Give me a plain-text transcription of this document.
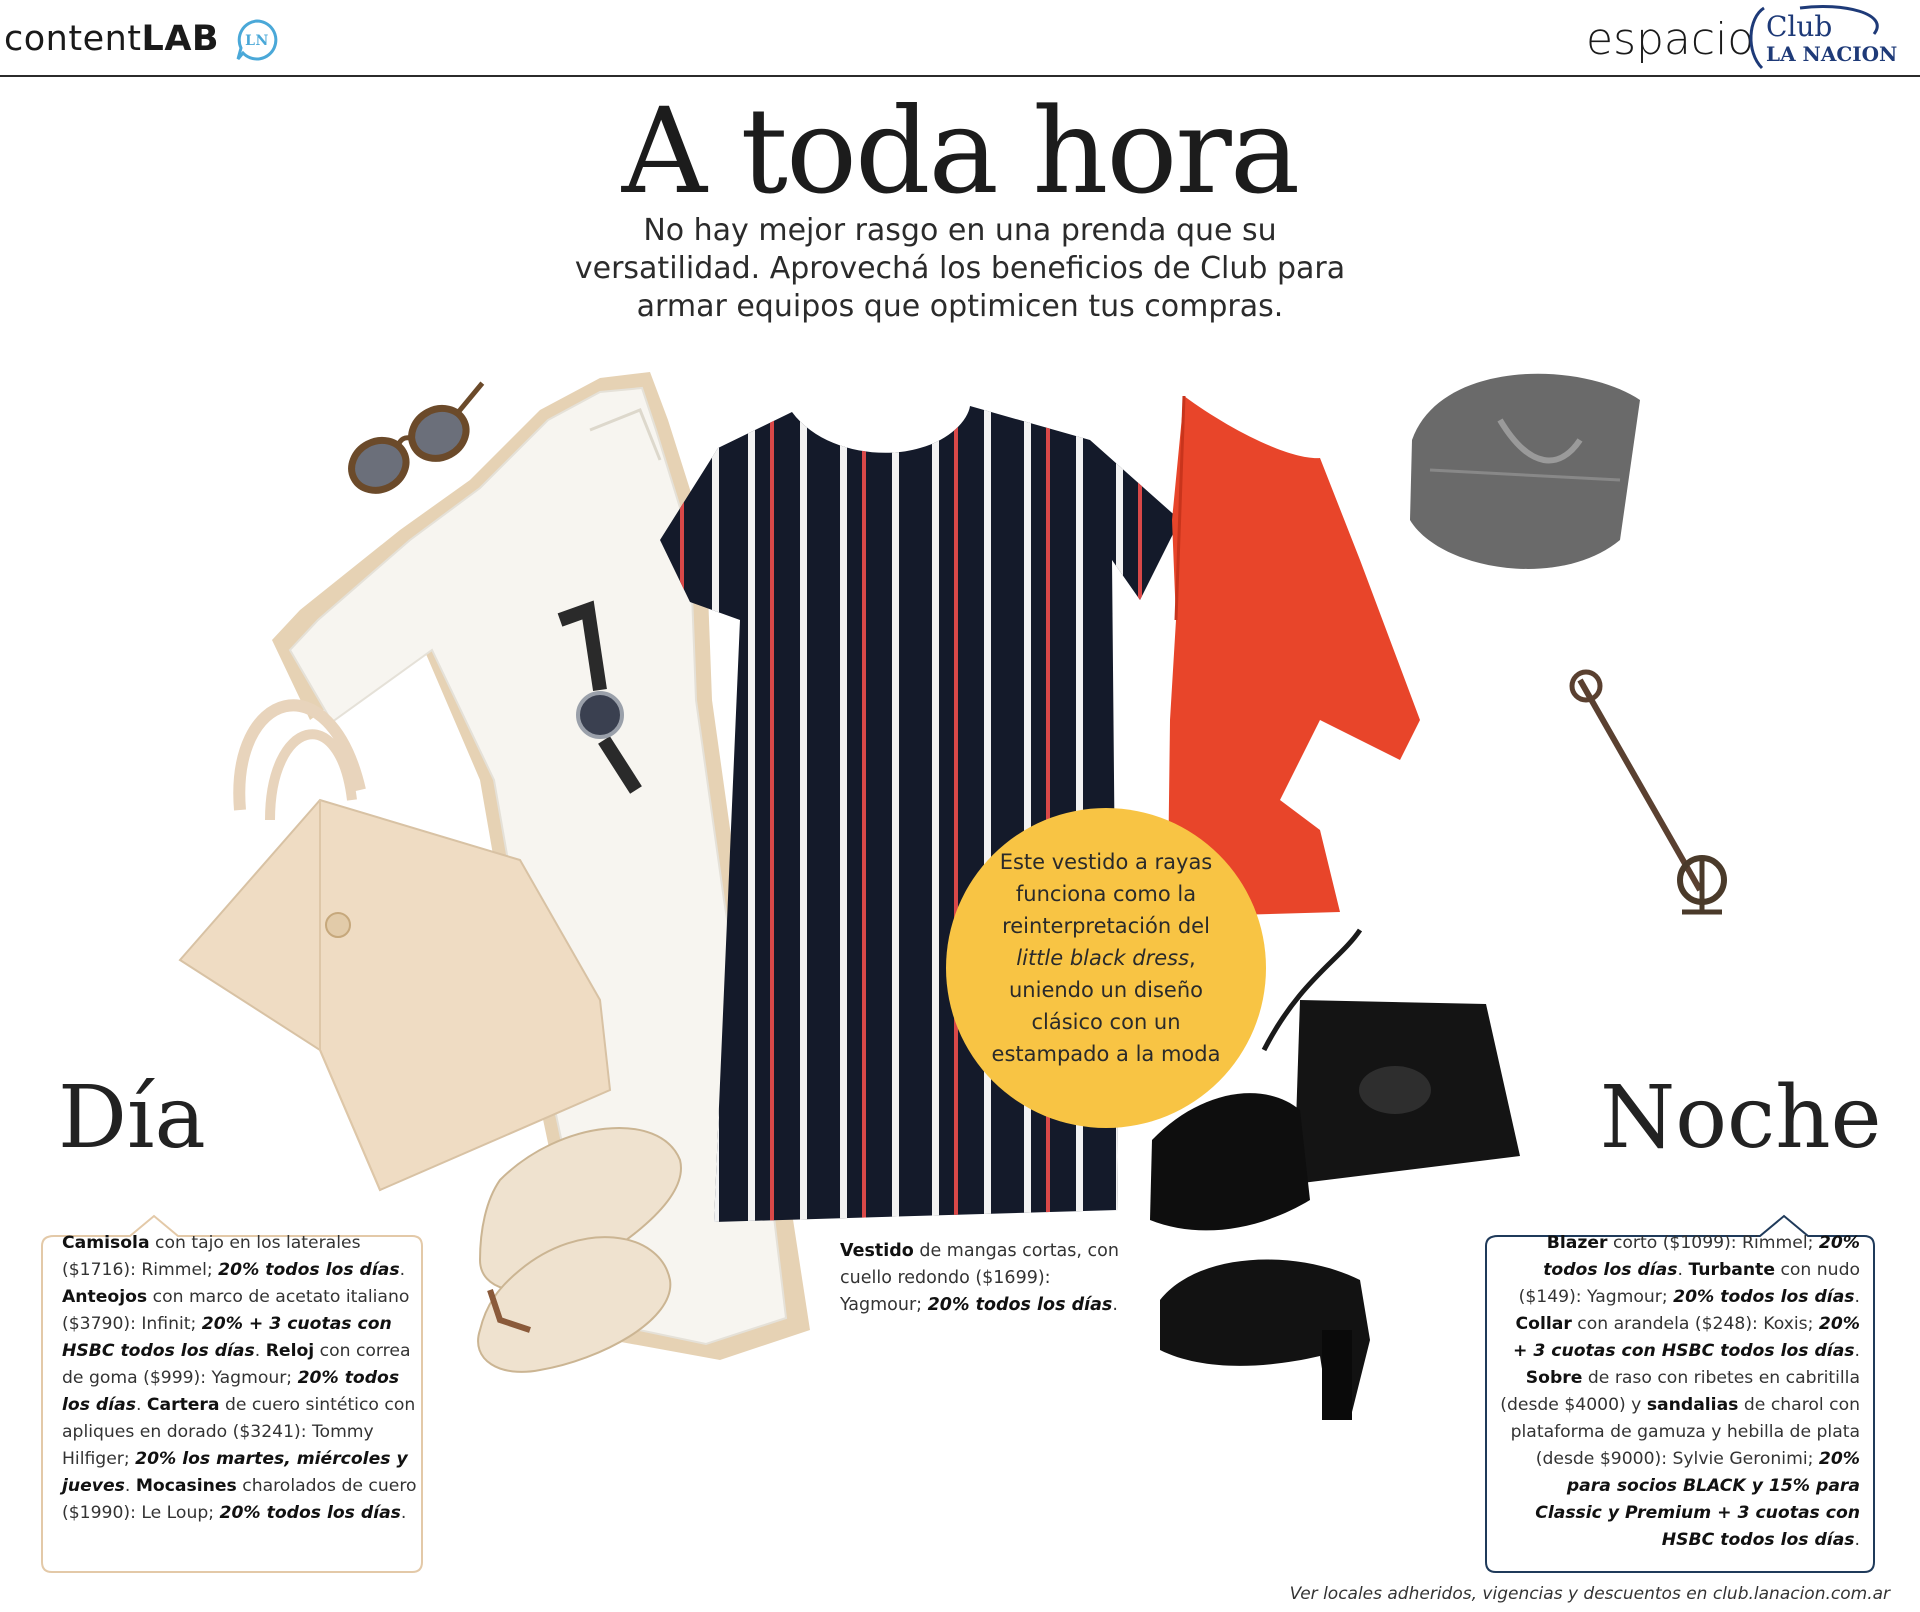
contentLAB LN	espacio Club
LA NACION
A toda hora
No hay mejor rasgo en una prenda que su versatilidad. Aprovechá los beneficios de Club para armar equipos que optimicen tus compras.
Este vestido a rayas funciona como la reinterpretación del little black dress, uniendo un diseño clásico con un estampado a la moda
Día	Noche
Camisola con tajo en los laterales ($1716): Rimmel; 20% todos los días. Anteojos con marco de acetato italiano ($3790): Infinit; 20% + 3 cuotas con HSBC todos los días. Reloj con correa de goma ($999): Yagmour; 20% todos los días. Cartera de cuero sintético con apliques en dorado ($3241): Tommy Hilfiger; 20% los martes, miércoles y jueves. Mocasines charolados de cuero ($1990): Le Loup; 20% todos los días.
Vestido de mangas cortas, con cuello redondo ($1699): Yagmour; 20% todos los días.
Blazer corto ($1099): Rimmel; 20% todos los días. Turbante con nudo ($149): Yagmour; 20% todos los días. Collar con arandela ($248): Koxis; 20% + 3 cuotas con HSBC todos los días. Sobre de raso con ribetes en cabritilla (desde $4000) y sandalias de charol con plataforma de gamuza y hebilla de plata (desde $9000): Sylvie Geronimi; 20% para socios BLACK y 15% para Classic y Premium + 3 cuotas con HSBC todos los días.
Ver locales adheridos, vigencias y descuentos en club.lanacion.com.ar
